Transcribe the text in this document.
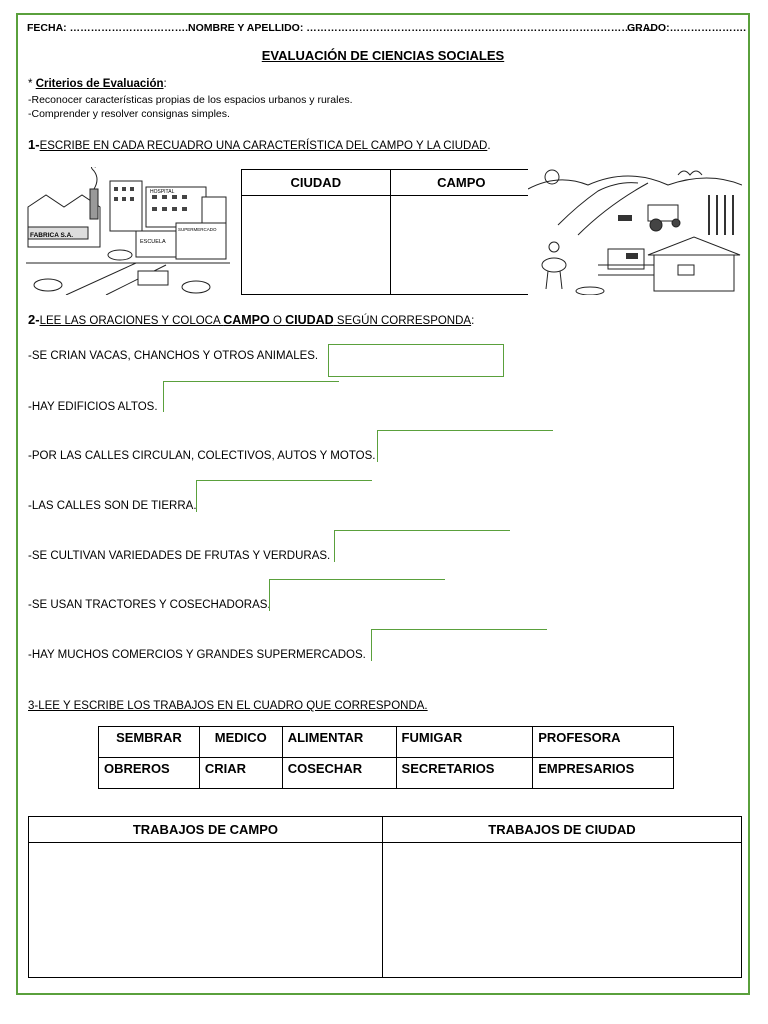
FECHA: ……………………………. NOMBRE Y APELLIDO: ……………………………………………………………………………………….
GRADO:………………….
EVALUACIÓN DE CIENCIAS SOCIALES
* Criterios de Evaluación:
-Reconocer características propias de los espacios urbanos y rurales.
-Comprender y resolver consignas simples.
1-ESCRIBE EN CADA RECUADRO UNA CARACTERÍSTICA DEL CAMPO Y LA CIUDAD.
FABRICA S.A.
ESCUELA
SUPERMERCADO
HOSPITAL
CIUDAD	CAMPO

2-LEE LAS ORACIONES Y COLOCA CAMPO O CIUDAD SEGÚN CORRESPONDA:
-SE CRIAN VACAS, CHANCHOS Y OTROS ANIMALES.
-HAY EDIFICIOS ALTOS.
-POR LAS CALLES CIRCULAN, COLECTIVOS, AUTOS Y MOTOS.
-LAS CALLES SON DE TIERRA.
-SE CULTIVAN VARIEDADES DE FRUTAS Y VERDURAS.
-SE USAN TRACTORES Y COSECHADORAS.
-HAY MUCHOS COMERCIOS Y GRANDES SUPERMERCADOS.
3-LEE Y ESCRIBE LOS TRABAJOS EN EL CUADRO QUE CORRESPONDA.
SEMBRAR	MEDICO	ALIMENTAR	FUMIGAR	PROFESORA
OBREROS	CRIAR	COSECHAR	SECRETARIOS	EMPRESARIOS
TRABAJOS DE CAMPO	TRABAJOS DE CIUDAD
